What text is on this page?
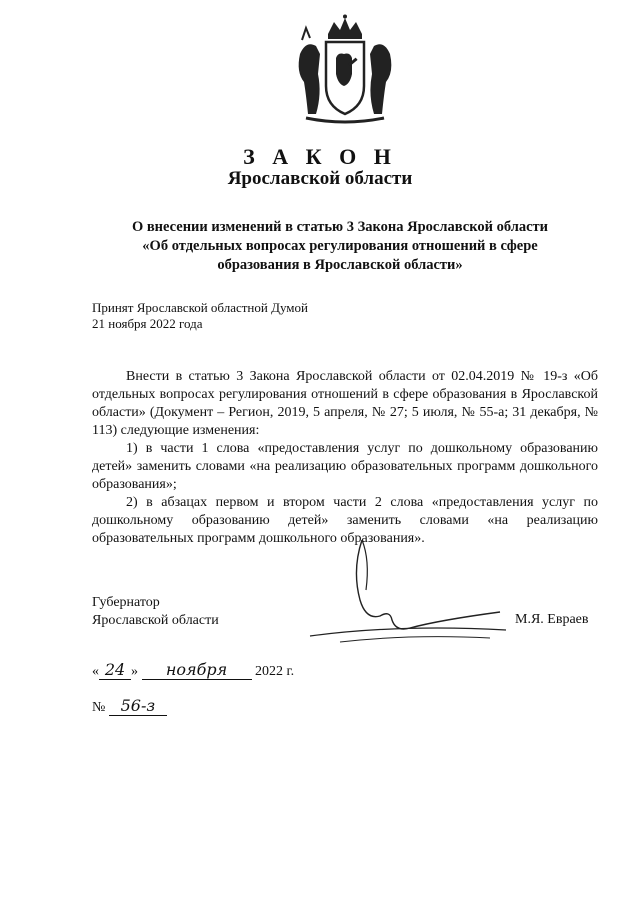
З А К О Н
Ярославской области
О внесении изменений в статью 3 Закона Ярославской области
«Об отдельных вопросах регулирования отношений в сфере
образования в Ярославской области»
Принят Ярославской областной Думой
21 ноября 2022 года

Внести в статью 3 Закона Ярославской области от 02.04.2019 № 19-з «Об отдельных вопросах регулирования отношений в сфере образования в Ярославской области» (Документ – Регион, 2019, 5 апреля, № 27; 5 июля, № 55-а; 31 декабря, № 113) следующие изменения:

1) в части 1 слова «предоставления услуг по дошкольному образованию детей» заменить словами «на реализацию образовательных программ дошкольного образования»;

2) в абзацах первом и втором части 2 слова «предоставления услуг по дошкольному образованию детей» заменить словами «на реализацию образовательных программ дошкольного образования».

Губернатор
Ярославской области	М.Я. Евраев
« 24 » ноября 2022 г.
№ 56-з
